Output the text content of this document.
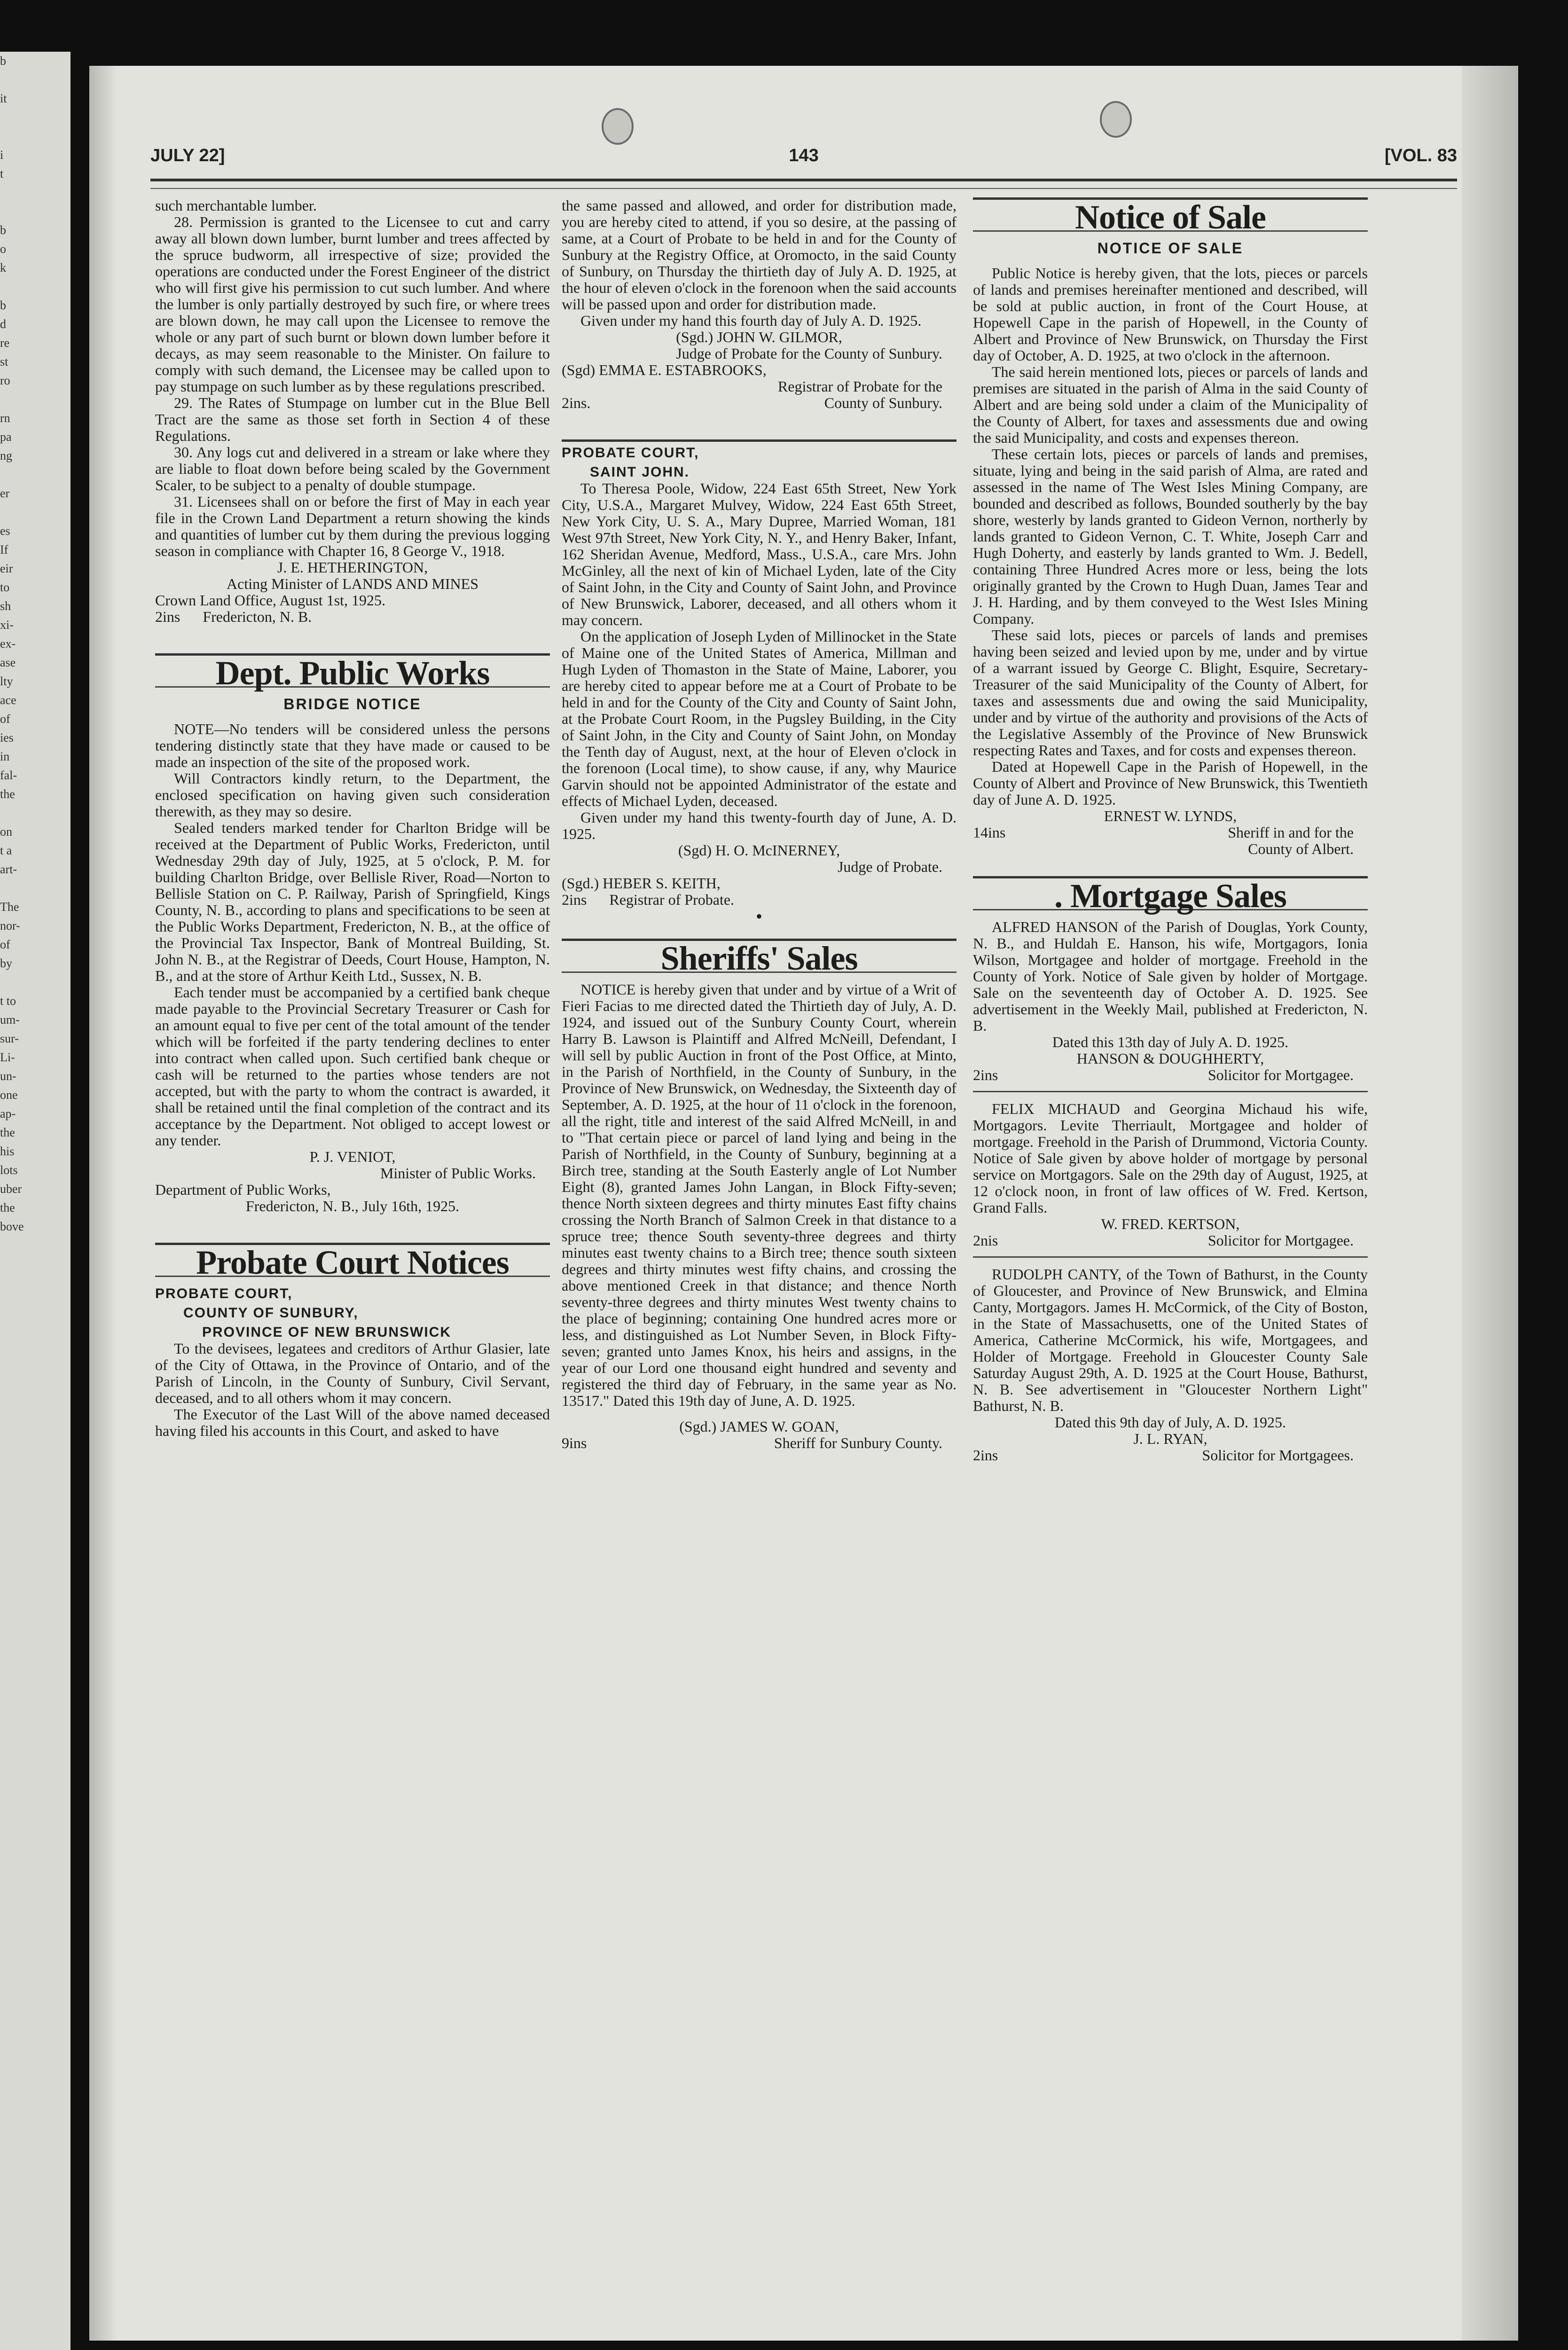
b

it

i
t

b
o
k

b
d
re
st
ro

rn
pa
ng

er

es
If
eir
to
sh
xi-
ex-
ase
lty
ace
of
ies
in
fal-
the

on
t a
art-

The
nor-
of
by

t to
um-
sur-
Li-
un-
one
ap-
the
his
lots
uber
the
bove
JULY 22]	143	[VOL. 83

such merchantable lumber.

28. Permission is granted to the Licensee to cut and carry away all blown down lumber, burnt lumber and trees affected by the spruce budworm, all irrespective of size; provided the operations are conducted under the Forest Engineer of the district who will first give his permission to cut such lumber. And where the lumber is only partially destroyed by such fire, or where trees are blown down, he may call upon the Licensee to remove the whole or any part of such burnt or blown down lumber before it decays, as may seem reasonable to the Minister. On failure to comply with such demand, the Licensee may be called upon to pay stumpage on such lumber as by these regulations prescribed.

29. The Rates of Stumpage on lumber cut in the Blue Bell Tract are the same as those set forth in Section 4 of these Regulations.

30. Any logs cut and delivered in a stream or lake where they are liable to float down before being scaled by the Government Scaler, to be subject to a penalty of double stumpage.

31. Licensees shall on or before the first of May in each year file in the Crown Land Department a return showing the kinds and quantities of lumber cut by them during the previous logging season in compliance with Chapter 16, 8 George V., 1918.

J. E. HETHERINGTON,
Acting Minister of LANDS AND MINES
Crown Land Office, August 1st, 1925.
2ins Fredericton, N. B.
Dept. Public Works
BRIDGE NOTICE

NOTE—No tenders will be considered unless the persons tendering distinctly state that they have made or caused to be made an inspection of the site of the proposed work.

Will Contractors kindly return, to the Department, the enclosed specification on having given such consideration therewith, as they may so desire.

Sealed tenders marked tender for Charlton Bridge will be received at the Department of Public Works, Fredericton, until Wednesday 29th day of July, 1925, at 5 o'clock, P. M. for building Charlton Bridge, over Bellisle River, Road—Norton to Bellisle Station on C. P. Railway, Parish of Springfield, Kings County, N. B., according to plans and specifications to be seen at the Public Works Department, Fredericton, N. B., at the office of the Provincial Tax Inspector, Bank of Montreal Building, St. John N. B., at the Registrar of Deeds, Court House, Hampton, N. B., and at the store of Arthur Keith Ltd., Sussex, N. B.

Each tender must be accompanied by a certified bank cheque made payable to the Provincial Secretary Treasurer or Cash for an amount equal to five per cent of the total amount of the tender which will be forfeited if the party tendering declines to enter into contract when called upon. Such certified bank cheque or cash will be returned to the parties whose tenders are not accepted, but with the party to whom the contract is awarded, it shall be retained until the final completion of the contract and its acceptance by the Department. Not obliged to accept lowest or any tender.

P. J. VENIOT,
Minister of Public Works.
Department of Public Works,
Fredericton, N. B., July 16th, 1925.
Probate Court Notices
PROBATE COURT,
COUNTY OF SUNBURY,
PROVINCE OF NEW BRUNSWICK

To the devisees, legatees and creditors of Arthur Glasier, late of the City of Ottawa, in the Province of Ontario, and of the Parish of Lincoln, in the County of Sunbury, Civil Servant, deceased, and to all others whom it may concern.

The Executor of the Last Will of the above named deceased having filed his accounts in this Court, and asked to have

the same passed and allowed, and order for distribution made, you are hereby cited to attend, if you so desire, at the passing of same, at a Court of Probate to be held in and for the County of Sunbury at the Registry Office, at Oromocto, in the said County of Sunbury, on Thursday the thirtieth day of July A. D. 1925, at the hour of eleven o'clock in the forenoon when the said accounts will be passed upon and order for distribution made.

Given under my hand this fourth day of July A. D. 1925.

(Sgd.) JOHN W. GILMOR,
Judge of Probate for the County of Sunbury.
(Sgd) EMMA E. ESTABROOKS,
Registrar of Probate for the
2ins.	County of Sunbury.
PROBATE COURT,
SAINT JOHN.

To Theresa Poole, Widow, 224 East 65th Street, New York City, U.S.A., Margaret Mulvey, Widow, 224 East 65th Street, New York City, U. S. A., Mary Dupree, Married Woman, 181 West 97th Street, New York City, N. Y., and Henry Baker, Infant, 162 Sheridan Avenue, Medford, Mass., U.S.A., care Mrs. John McGinley, all the next of kin of Michael Lyden, late of the City of Saint John, in the City and County of Saint John, and Province of New Brunswick, Laborer, deceased, and all others whom it may concern.

On the application of Joseph Lyden of Millinocket in the State of Maine one of the United States of America, Millman and Hugh Lyden of Thomaston in the State of Maine, Laborer, you are hereby cited to appear before me at a Court of Probate to be held in and for the County of the City and County of Saint John, at the Probate Court Room, in the Pugsley Building, in the City of Saint John, in the City and County of Saint John, on Monday the Tenth day of August, next, at the hour of Eleven o'clock in the forenoon (Local time), to show cause, if any, why Maurice Garvin should not be appointed Administrator of the estate and effects of Michael Lyden, deceased.

Given under my hand this twenty-fourth day of June, A. D. 1925.

(Sgd) H. O. McINERNEY,
Judge of Probate.
(Sgd.) HEBER S. KEITH,
2ins Registrar of Probate.
•
Sheriffs' Sales

NOTICE is hereby given that under and by virtue of a Writ of Fieri Facias to me directed dated the Thirtieth day of July, A. D. 1924, and issued out of the Sunbury County Court, wherein Harry B. Lawson is Plaintiff and Alfred McNeill, Defendant, I will sell by public Auction in front of the Post Office, at Minto, in the Parish of Northfield, in the County of Sunbury, in the Province of New Brunswick, on Wednesday, the Sixteenth day of September, A. D. 1925, at the hour of 11 o'clock in the forenoon, all the right, title and interest of the said Alfred McNeill, in and to "That certain piece or parcel of land lying and being in the Parish of Northfield, in the County of Sunbury, beginning at a Birch tree, standing at the South Easterly angle of Lot Number Eight (8), granted James John Langan, in Block Fifty-seven; thence North sixteen degrees and thirty minutes East fifty chains crossing the North Branch of Salmon Creek in that distance to a spruce tree; thence South seventy-three degrees and thirty minutes east twenty chains to a Birch tree; thence south sixteen degrees and thirty minutes west fifty chains, and crossing the above mentioned Creek in that distance; and thence North seventy-three degrees and thirty minutes West twenty chains to the place of beginning; containing One hundred acres more or less, and distinguished as Lot Number Seven, in Block Fifty-seven; granted unto James Knox, his heirs and assigns, in the year of our Lord one thousand eight hundred and seventy and registered the third day of February, in the same year as No. 13517." Dated this 19th day of June, A. D. 1925.

(Sgd.) JAMES W. GOAN,
9ins	Sheriff for Sunbury County.
Notice of Sale
NOTICE OF SALE

Public Notice is hereby given, that the lots, pieces or parcels of lands and premises hereinafter mentioned and described, will be sold at public auction, in front of the Court House, at Hopewell Cape in the parish of Hopewell, in the County of Albert and Province of New Brunswick, on Thursday the First day of October, A. D. 1925, at two o'clock in the afternoon.

The said herein mentioned lots, pieces or parcels of lands and premises are situated in the parish of Alma in the said County of Albert and are being sold under a claim of the Municipality of the County of Albert, for taxes and assessments due and owing the said Municipality, and costs and expenses thereon.

These certain lots, pieces or parcels of lands and premises, situate, lying and being in the said parish of Alma, are rated and assessed in the name of The West Isles Mining Company, are bounded and described as follows, Bounded southerly by the bay shore, westerly by lands granted to Gideon Vernon, northerly by lands granted to Gideon Vernon, C. T. White, Joseph Carr and Hugh Doherty, and easterly by lands granted to Wm. J. Bedell, containing Three Hundred Acres more or less, being the lots originally granted by the Crown to Hugh Duan, James Tear and J. H. Harding, and by them conveyed to the West Isles Mining Company.

These said lots, pieces or parcels of lands and premises having been seized and levied upon by me, under and by virtue of a warrant issued by George C. Blight, Esquire, Secretary-Treasurer of the said Municipality of the County of Albert, for taxes and assessments due and owing the said Municipality, under and by virtue of the authority and provisions of the Acts of the Legislative Assembly of the Province of New Brunswick respecting Rates and Taxes, and for costs and expenses thereon.

Dated at Hopewell Cape in the Parish of Hopewell, in the County of Albert and Province of New Brunswick, this Twentieth day of June A. D. 1925.

ERNEST W. LYNDS,
14ins	Sheriff in and for the
County of Albert.
. Mortgage Sales

ALFRED HANSON of the Parish of Douglas, York County, N. B., and Huldah E. Hanson, his wife, Mortgagors, Ionia Wilson, Mortgagee and holder of mortgage. Freehold in the County of York. Notice of Sale given by holder of Mortgage. Sale on the seventeenth day of October A. D. 1925. See advertisement in the Weekly Mail, published at Fredericton, N. B.

Dated this 13th day of July A. D. 1925.
HANSON & DOUGHHERTY,
2ins	Solicitor for Mortgagee.

FELIX MICHAUD and Georgina Michaud his wife, Mortgagors. Levite Therriault, Mortgagee and holder of mortgage. Freehold in the Parish of Drummond, Victoria County. Notice of Sale given by above holder of mortgage by personal service on Mortgagors. Sale on the 29th day of August, 1925, at 12 o'clock noon, in front of law offices of W. Fred. Kertson, Grand Falls.

W. FRED. KERTSON,
2nis	Solicitor for Mortgagee.

RUDOLPH CANTY, of the Town of Bathurst, in the County of Gloucester, and Province of New Brunswick, and Elmina Canty, Mortgagors. James H. McCormick, of the City of Boston, in the State of Massachusetts, one of the United States of America, Catherine McCormick, his wife, Mortgagees, and Holder of Mortgage. Freehold in Gloucester County Sale Saturday August 29th, A. D. 1925 at the Court House, Bathurst, N. B. See advertisement in "Gloucester Northern Light" Bathurst, N. B.

Dated this 9th day of July, A. D. 1925.
J. L. RYAN,
2ins	Solicitor for Mortgagees.
